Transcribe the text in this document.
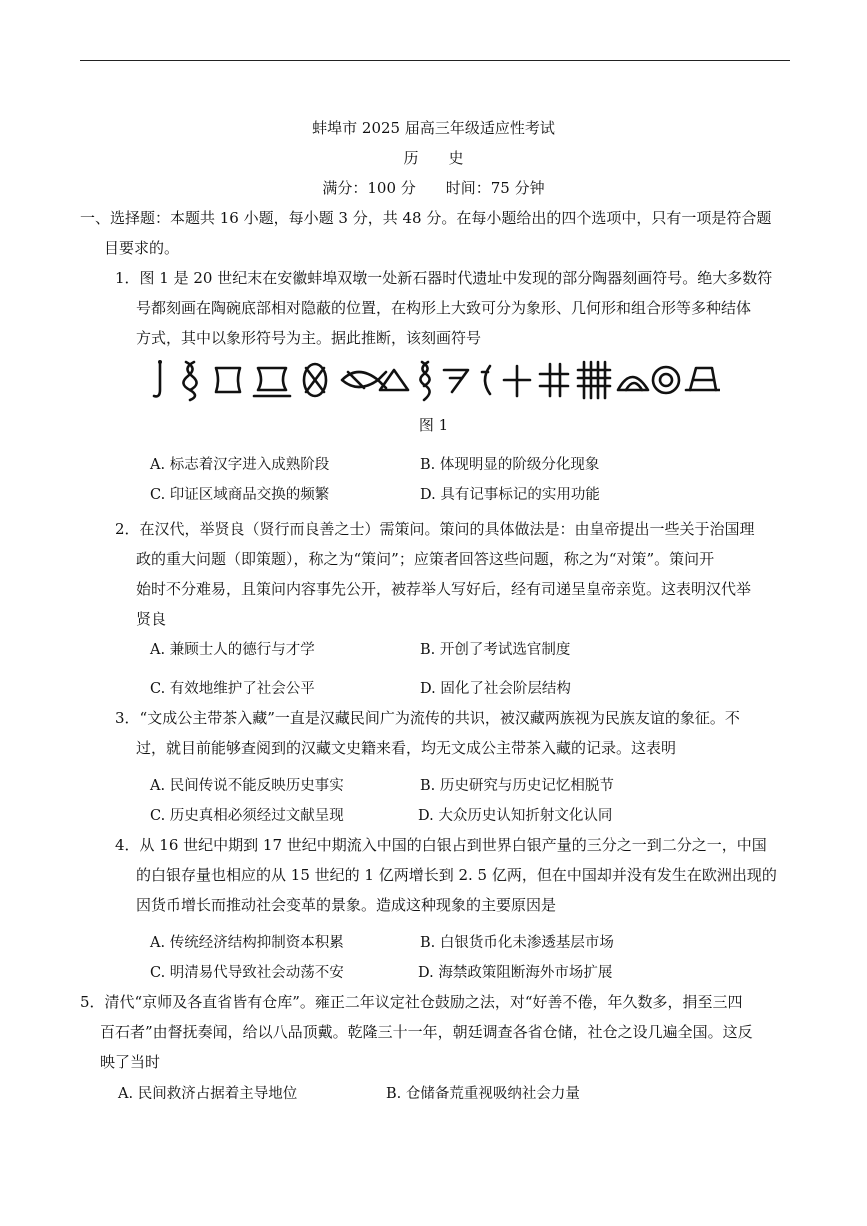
蚌埠市 2025 届高三年级适应性考试
历　　史
满分：100 分　　时间：75 分钟
一、选择题：本题共 16 小题，每小题 3 分，共 48 分。在每小题给出的四个选项中，只有一项是符合题
目要求的。
1．图 1 是 20 世纪末在安徽蚌埠双墩一处新石器时代遗址中发现的部分陶器刻画符号。绝大多数符
号都刻画在陶碗底部相对隐蔽的位置，在构形上大致可分为象形、几何形和组合形等多种结体
方式，其中以象形符号为主。据此推断，该刻画符号
图 1
A. 标志着汉字进入成熟阶段	B. 体现明显的阶级分化现象
C. 印证区域商品交换的频繁	D. 具有记事标记的实用功能
2．在汉代，举贤良（贤行而良善之士）需策问。策问的具体做法是：由皇帝提出一些关于治国理
政的重大问题（即策题），称之为“策问”；应策者回答这些问题，称之为“对策”。策问开
始时不分难易，且策问内容事先公开，被荐举人写好后，经有司递呈皇帝亲览。这表明汉代举
贤良
A. 兼顾士人的德行与才学	B. 开创了考试选官制度
C. 有效地维护了社会公平	D. 固化了社会阶层结构
3．“文成公主带茶入藏”一直是汉藏民间广为流传的共识，被汉藏两族视为民族友谊的象征。不
过，就目前能够查阅到的汉藏文史籍来看，均无文成公主带茶入藏的记录。这表明
A. 民间传说不能反映历史事实	B. 历史研究与历史记忆相脱节
C. 历史真相必须经过文献呈现	D. 大众历史认知折射文化认同
4．从 16 世纪中期到 17 世纪中期流入中国的白银占到世界白银产量的三分之一到二分之一，中国
的白银存量也相应的从 15 世纪的 1 亿两增长到 2. 5 亿两，但在中国却并没有发生在欧洲出现的
因货币增长而推动社会变革的景象。造成这种现象的主要原因是
A. 传统经济结构抑制资本积累	B. 白银货币化未渗透基层市场
C. 明清易代导致社会动荡不安	D. 海禁政策阻断海外市场扩展
5．清代“京师及各直省皆有仓库”。雍正二年议定社仓鼓励之法，对“好善不倦，年久数多，捐至三四
百石者”由督抚奏闻，给以八品顶戴。乾隆三十一年，朝廷调查各省仓储，社仓之设几遍全国。这反
映了当时
A. 民间救济占据着主导地位	B. 仓储备荒重视吸纳社会力量
